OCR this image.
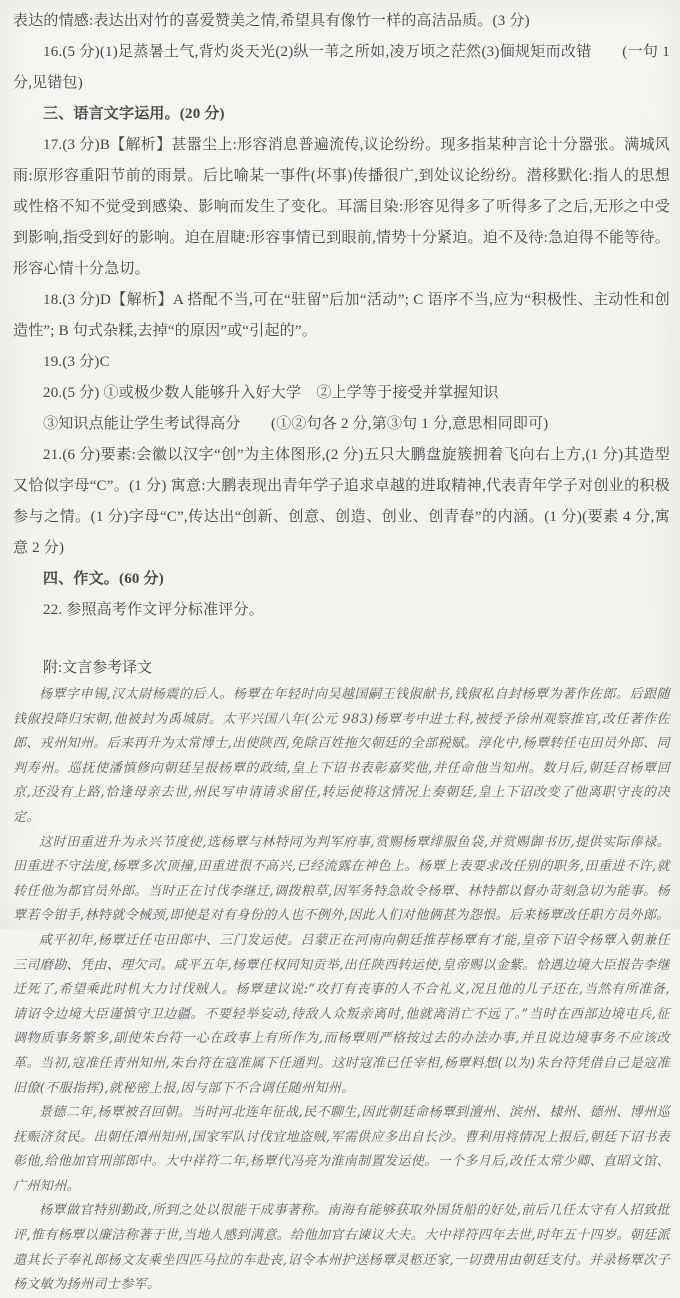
表达的情感:表达出对竹的喜爱赞美之情,希望具有像竹一样的高洁品质。(3 分)

16.(5 分)(1)足蒸暑土气,背灼炎天光(2)纵一苇之所如,凌万顷之茫然(3)偭规矩而改错　　(一句 1 分,见错包)

三、语言文字运用。(20 分)

17.(3 分)B【解析】甚嚣尘上:形容消息普遍流传,议论纷纷。现多指某种言论十分嚣张。满城风雨:原形容重阳节前的雨景。后比喻某一事件(坏事)传播很广,到处议论纷纷。潜移默化:指人的思想或性格不知不觉受到感染、影响而发生了变化。耳濡目染:形容见得多了听得多了之后,无形之中受到影响,指受到好的影响。迫在眉睫:形容事情已到眼前,情势十分紧迫。迫不及待:急迫得不能等待。形容心情十分急切。

18.(3 分)D【解析】A 搭配不当,可在“驻留”后加“活动”; C 语序不当,应为“积极性、主动性和创造性”; B 句式杂糅,去掉“的原因”或“引起的”。

19.(3 分)C

20.(5 分) ①或极少数人能够升入好大学　②上学等于接受并掌握知识

③知识点能让学生考试得高分　　(①②句各 2 分,第③句 1 分,意思相同即可)

21.(6 分)要素:会徽以汉字“创”为主体图形,(2 分)五只大鹏盘旋簇拥着飞向右上方,(1 分)其造型又恰似字母“C”。(1 分) 寓意:大鹏表现出青年学子追求卓越的进取精神,代表青年学子对创业的积极参与之情。(1 分)字母“C”,传达出“创新、创意、创造、创业、创青春”的内涵。(1 分)(要素 4 分,寓意 2 分)

四、作文。(60 分)

22. 参照高考作文评分标准评分。

附:文言参考译文

杨覃字申锡,汉太尉杨震的后人。杨覃在年轻时向吴越国嗣王钱俶献书,钱俶私自封杨覃为著作佐郎。后跟随钱俶投降归宋朝,他被封为禹城尉。太平兴国八年(公元 983)杨覃考中进士科,被授予徐州观察推官,改任著作佐郎、戎州知州。后来再升为太常博士,出使陕西,免除百姓拖欠朝廷的全部税赋。淳化中,杨覃转任屯田员外郎、同判寿州。巡抚使潘慎修向朝廷呈报杨覃的政绩,皇上下诏书表彰嘉奖他,并任命他当知州。数月后,朝廷召杨覃回京,还没有上路,恰逢母亲去世,州民写申请请求留任,转运使将这情况上奏朝廷,皇上下诏改变了他离职守丧的决定。

这时田重进升为永兴节度使,选杨覃与林特同为判军府事,赏赐杨覃绯服鱼袋,并赏赐御书历,提供实际俸禄。田重进不守法度,杨覃多次顶撞,田重进很不高兴,已经流露在神色上。杨覃上表要求改任别的职务,田重进不许,就转任他为都官员外郎。当时正在讨伐李继迁,调拨粮草,因军务特急故令杨覃、林特都以督办苛刻急切为能事。杨覃若令钳手,林特就令械颈,即使是对有身份的人也不例外,因此人们对他俩甚为怨恨。后来杨覃改任职方员外郎。

咸平初年,杨覃迁任屯田郎中、三门发运使。吕蒙正在河南向朝廷推荐杨覃有才能,皇帝下诏令杨覃入朝兼任三司磨勘、凭由、理欠司。咸平五年,杨覃任权同知贡举,出任陕西转运使,皇帝赐以金紫。恰遇边境大臣报告李继迁死了,希望乘此时机大力讨伐贼人。杨覃建议说:“攻打有丧事的人不合礼义,况且他的儿子还在,当然有所准备,请诏令边境大臣谨慎守卫边疆。不要轻举妄动,待敌人众叛亲离时,他就离消亡不远了。”当时在西部边境屯兵,征调物质事务繁多,副使朱台符一心在政事上有所作为,而杨覃则严格按过去的办法办事,并且说边境事务不应该改革。当初,寇准任青州知州,朱台符在寇准属下任通判。这时寇准已任宰相,杨覃料想(以为)朱台符凭借自己是寇准旧僚(不服指挥),就秘密上报,因与部下不合调任随州知州。

景德二年,杨覃被召回朝。当时河北连年征战,民不聊生,因此朝廷命杨覃到澶州、滨州、棣州、德州、博州巡抚赈济贫民。出朝任潭州知州,国家军队讨伐宜地盗贼,军需供应多出自长沙。曹利用将情况上报后,朝廷下诏书表彰他,给他加官刑部郎中。大中祥符二年,杨覃代冯亮为淮南制置发运使。一个多月后,改任太常少卿、直昭文馆、广州知州。

杨覃做官特别勤政,所到之处以很能干成事著称。南海有能够获取外国货船的好处,前后几任太守有人招致批评,惟有杨覃以廉洁称著于世,当地人感到满意。给他加官右谏议大夫。大中祥符四年去世,时年五十四岁。朝廷派遣其长子奉礼郎杨文友乘坐四匹马拉的车赴丧,诏令本州护送杨覃灵柩还家,一切费用由朝廷支付。并录杨覃次子杨文敏为扬州司士参军。
